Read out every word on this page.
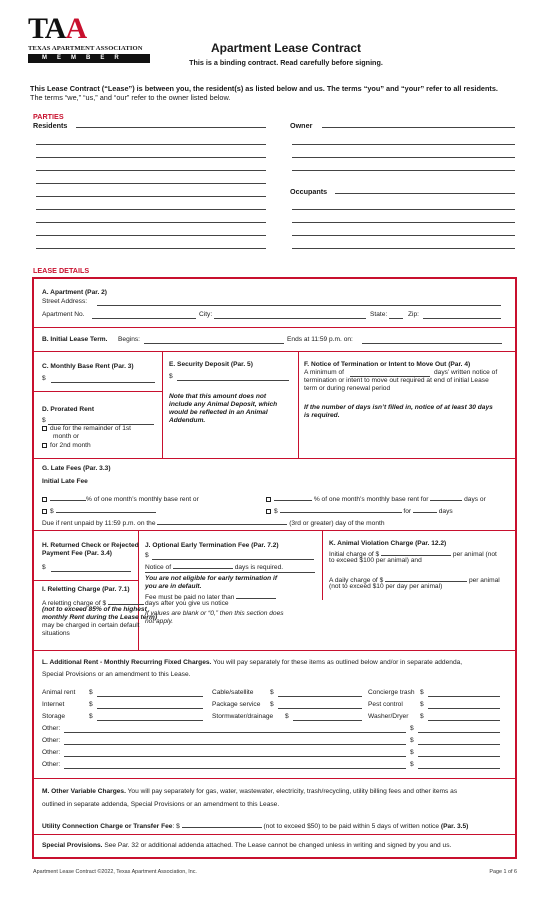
TAA
TEXAS APARTMENT ASSOCIATION
MEMBER
Apartment Lease Contract
This is a binding contract. Read carefully before signing.
This Lease Contract (“Lease”) is between you, the resident(s) as listed below and us. The terms “you” and “your” refer to all residents.
The terms “we,” “us,” and “our” refer to the owner listed below.
PARTIES
Residents	Owner
Occupants
LEASE DETAILS
A. Apartment (Par. 2)
Street Address:
Apartment No.	City:	State:	Zip:
B. Initial Lease Term. Begins:	Ends at 11:59 p.m. on:
C. Monthly Base Rent (Par. 3)
$
D. Prorated Rent
$
due for the remainder of 1st
month or
for 2nd month
E. Security Deposit (Par. 5)
$
Note that this amount does not
include any Animal Deposit, which
would be reflected in an Animal
Addendum.
F. Notice of Termination or Intent to Move Out (Par. 4)
A minimum of	days’ written notice of
termination or intent to move out required at end of initial Lease
term or during renewal period
If the number of days isn’t filled in, notice of at least 30 days
is required.
G. Late Fees (Par. 3.3)
Initial Late Fee
% of one month’s monthly base rent or	% of one month’s monthly base rent for	days or
$	$	for	days
Due if rent unpaid by 11:59 p.m. on the	(3rd or greater) day of the month
H. Returned Check or Rejected
Payment Fee (Par. 3.4)
$
I. Reletting Charge (Par. 7.1)
A reletting charge of $
(not to exceed 85% of the highest
monthly Rent during the Lease term)
may be charged in certain default
situations
J. Optional Early Termination Fee (Par. 7.2)
$
Notice of	days is required.
You are not eligible for early termination if
you are in default.
Fee must be paid no later than
days after you give us notice
If values are blank or “0,” then this section does
not apply.
K. Animal Violation Charge (Par. 12.2)
Initial charge of $	per animal (not
to exceed $100 per animal) and
A daily charge of $	per animal
(not to exceed $10 per day per animal)
L. Additional Rent - Monthly Recurring Fixed Charges. You will pay separately for these items as outlined below and/or in separate addenda,
Special Provisions or an amendment to this Lease.
Animal rent $	Cable/satellite	$	Concierge trash $
Internet	$	Package service $	Pest control	$
Storage	$	Stormwater/drainage $	Washer/Dryer $
Other:	$
Other:	$
Other:	$
Other:	$
M. Other Variable Charges. You will pay separately for gas, water, wastewater, electricity, trash/recycling, utility billing fees and other items as
outlined in separate addenda, Special Provisions or an amendment to this Lease.
Utility Connection Charge or Transfer Fee: $	(not to exceed $50) to be paid within 5 days of written notice (Par. 3.5)
Special Provisions. See Par. 32 or additional addenda attached. The Lease cannot be changed unless in writing and signed by you and us.
Apartment Lease Contract ©2022, Texas Apartment Association, Inc.	Page 1 of 6
